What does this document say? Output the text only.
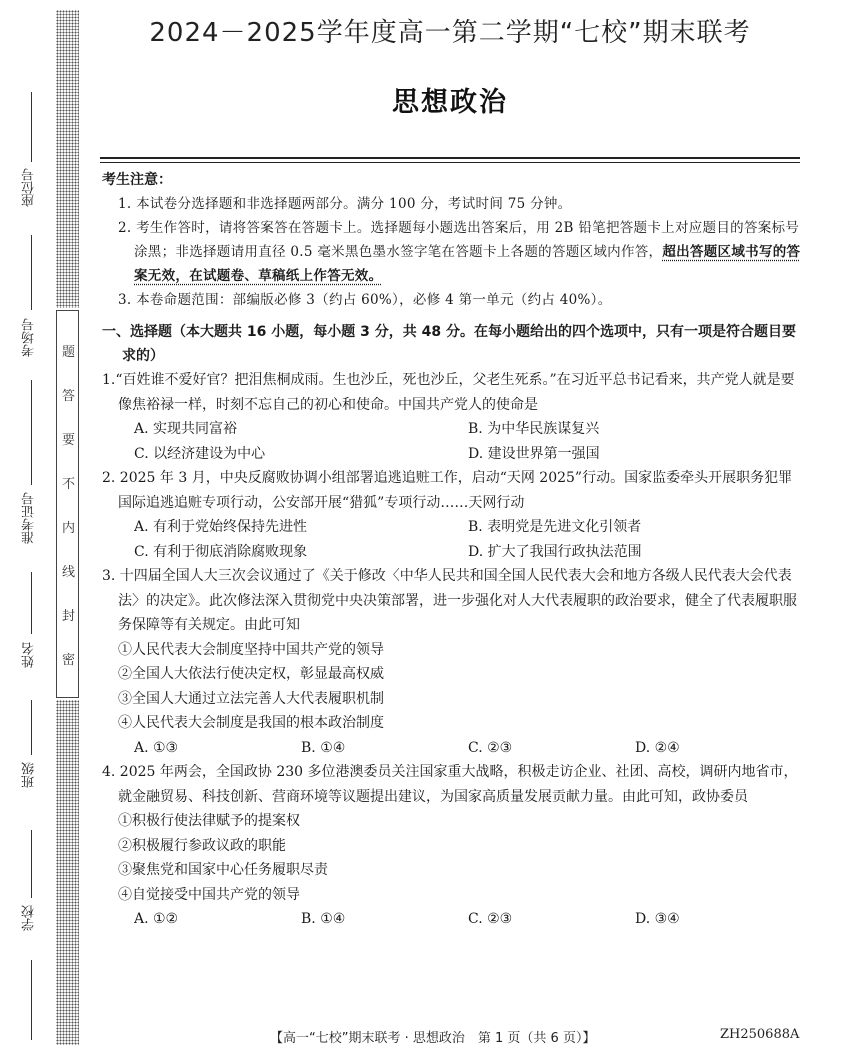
座位号
考场号
准考证号
姓名
班级
学校
密
封
线
内
不
要
答
题
2024－2025学年度高一第二学期“七校”期末联考
思想政治
考生注意：
1. 本试卷分选择题和非选择题两部分。满分 100 分，考试时间 75 分钟。
2. 考生作答时，请将答案答在答题卡上。选择题每小题选出答案后，用 2B 铅笔把答题卡上对应题目的答案标号涂黑；非选择题请用直径 0.5 毫米黑色墨水签字笔在答题卡上各题的答题区域内作答，超出答题区域书写的答案无效，在试题卷、草稿纸上作答无效。
3. 本卷命题范围：部编版必修 3（约占 60%），必修 4 第一单元（约占 40%）。
一、选择题（本大题共 16 小题，每小题 3 分，共 48 分。在每小题给出的四个选项中，只有一项是符合题目要求的）
1.“百姓谁不爱好官？把泪焦桐成雨。生也沙丘，死也沙丘，父老生死系。”在习近平总书记看来，共产党人就是要像焦裕禄一样，时刻不忘自己的初心和使命。中国共产党人的使命是
A. 实现共同富裕	B. 为中华民族谋复兴
C. 以经济建设为中心	D. 建设世界第一强国
2. 2025 年 3 月，中央反腐败协调小组部署追逃追赃工作，启动“天网 2025”行动。国家监委牵头开展职务犯罪国际追逃追赃专项行动，公安部开展“猎狐”专项行动……天网行动
A. 有利于党始终保持先进性	B. 表明党是先进文化引领者
C. 有利于彻底消除腐败现象	D. 扩大了我国行政执法范围
3. 十四届全国人大三次会议通过了《关于修改〈中华人民共和国全国人民代表大会和地方各级人民代表大会代表法〉的决定》。此次修法深入贯彻党中央决策部署，进一步强化对人大代表履职的政治要求，健全了代表履职服务保障等有关规定。由此可知
①人民代表大会制度坚持中国共产党的领导
②全国人大依法行使决定权，彰显最高权威
③全国人大通过立法完善人大代表履职机制
④人民代表大会制度是我国的根本政治制度
A. ①③	B. ①④	C. ②③	D. ②④
4. 2025 年两会，全国政协 230 多位港澳委员关注国家重大战略，积极走访企业、社团、高校，调研内地省市，就金融贸易、科技创新、营商环境等议题提出建议，为国家高质量发展贡献力量。由此可知，政协委员
①积极行使法律赋予的提案权
②积极履行参政议政的职能
③聚焦党和国家中心任务履职尽责
④自觉接受中国共产党的领导
A. ①②	B. ①④	C. ②③	D. ③④
【高一“七校”期末联考 · 思想政治　第 1 页（共 6 页）】	ZH250688A
